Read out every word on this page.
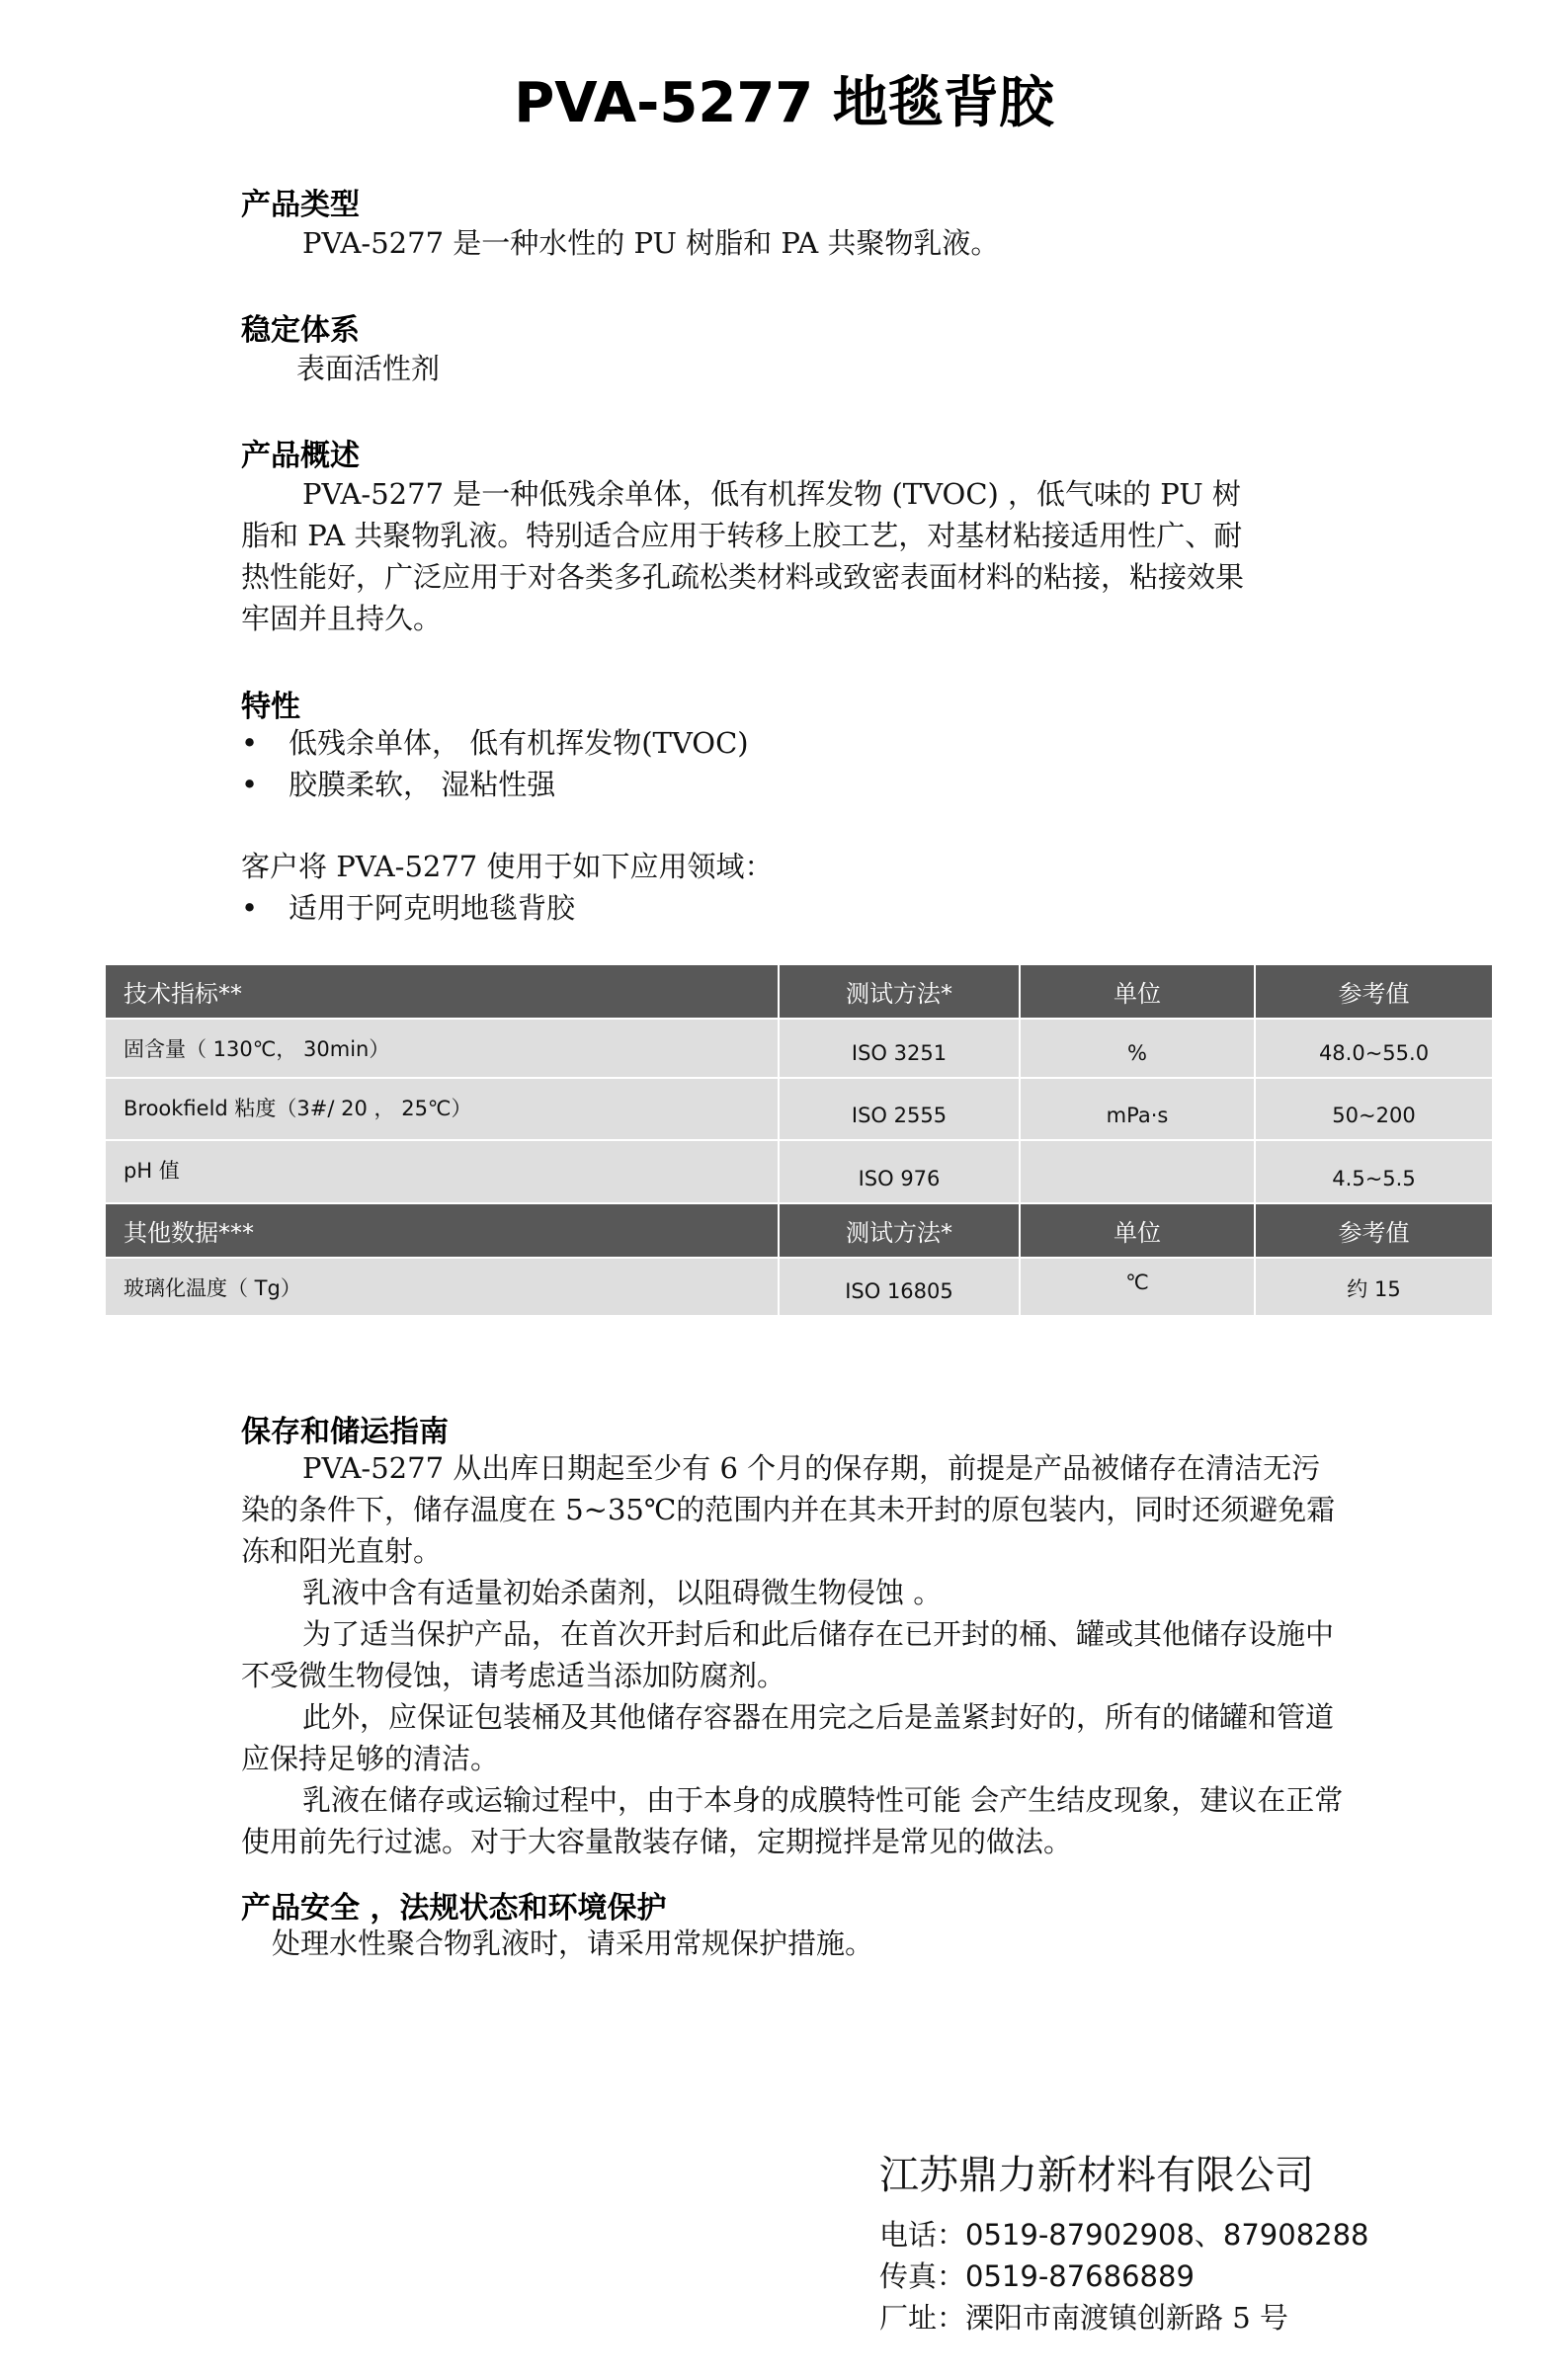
PVA-5277 地毯背胶
产品类型
PVA-5277 是一种水性的 PU 树脂和 PA 共聚物乳液。
稳定体系
表面活性剂
产品概述

PVA-5277 是一种低残余单体，低有机挥发物 (TVOC) ，低气味的 PU 树脂和 PA 共聚物乳液。特别适合应用于转移上胶工艺，对基材粘接适用性广、耐热性能好，广泛应用于对各类多孔疏松类材料或致密表面材料的粘接，粘接效果牢固并且持久。

特性
• 低残余单体， 低有机挥发物(TVOC)
• 胶膜柔软， 湿粘性强
客户将 PVA-5277 使用于如下应用领域：
• 适用于阿克明地毯背胶
技术指标**	测试方法*	单位	参考值
固含量（ 130℃， 30min）	ISO 3251	%	48.0~55.0
Brookfield 粘度（3#/ 20 ， 25℃）	ISO 2555	mPa·s	50~200
pH 值	ISO 976		4.5~5.5
其他数据***	测试方法*	单位	参考值
玻璃化温度（ Tg）	ISO 16805	℃	约 15
保存和储运指南

PVA-5277 从出库日期起至少有 6 个月的保存期，前提是产品被储存在清洁无污染的条件下，储存温度在 5~35℃的范围内并在其未开封的原包装内，同时还须避免霜冻和阳光直射。

乳液中含有适量初始杀菌剂，以阻碍微生物侵蚀 。

为了适当保护产品，在首次开封后和此后储存在已开封的桶、罐或其他储存设施中不受微生物侵蚀，请考虑适当添加防腐剂。

此外，应保证包装桶及其他储存容器在用完之后是盖紧封好的，所有的储罐和管道应保持足够的清洁。

乳液在储存或运输过程中，由于本身的成膜特性可能 会产生结皮现象，建议在正常使用前先行过滤。对于大容量散装存储，定期搅拌是常见的做法。

产品安全 ，法规状态和环境保护
处理水性聚合物乳液时，请采用常规保护措施。
江苏鼎力新材料有限公司
电话：0519-87902908、87908288
传真：0519-87686889
厂址：溧阳市南渡镇创新路 5 号
